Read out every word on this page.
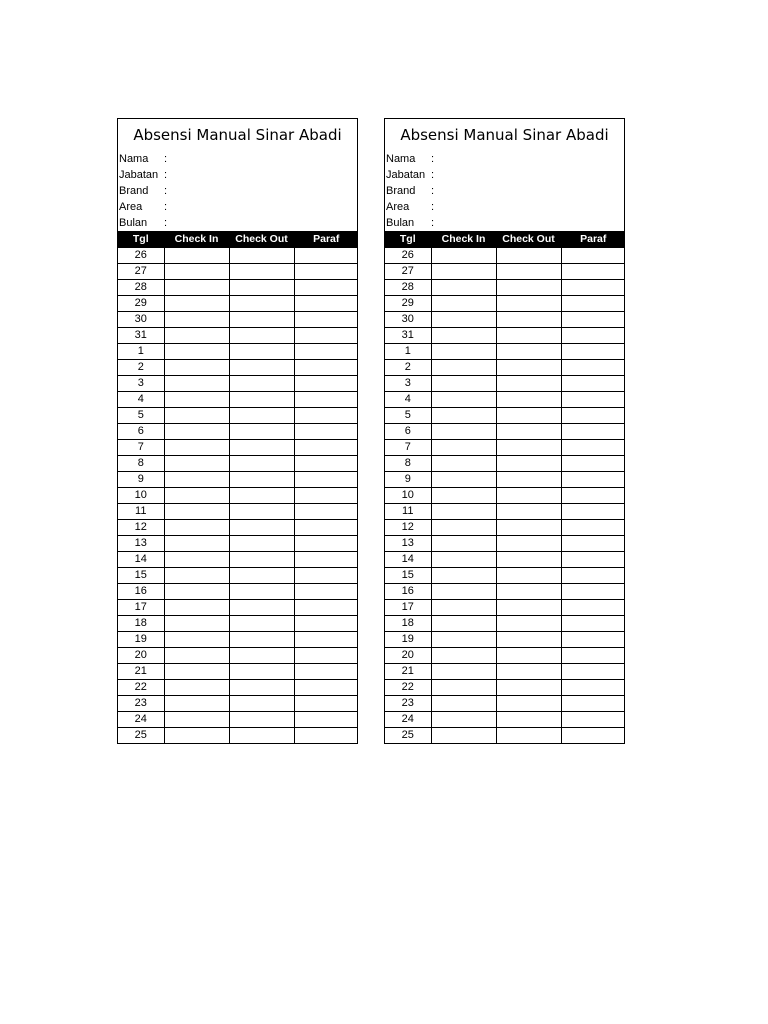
Absensi Manual Sinar Abadi
Nama	:
Jabatan :
Brand	:
Area	:
Bulan	:
Tgl	Check In	Check Out	Paraf
26			
27			
28			
29			
30			
31			
1			
2			
3			
4			
5			
6			
7			
8			
9			
10			
11			
12			
13			
14			
15			
16			
17			
18			
19			
20			
21			
22			
23			
24			
25			
Absensi Manual Sinar Abadi
Nama	:
Jabatan :
Brand	:
Area	:
Bulan	:
Tgl	Check In	Check Out	Paraf
26			
27			
28			
29			
30			
31			
1			
2			
3			
4			
5			
6			
7			
8			
9			
10			
11			
12			
13			
14			
15			
16			
17			
18			
19			
20			
21			
22			
23			
24			
25			
